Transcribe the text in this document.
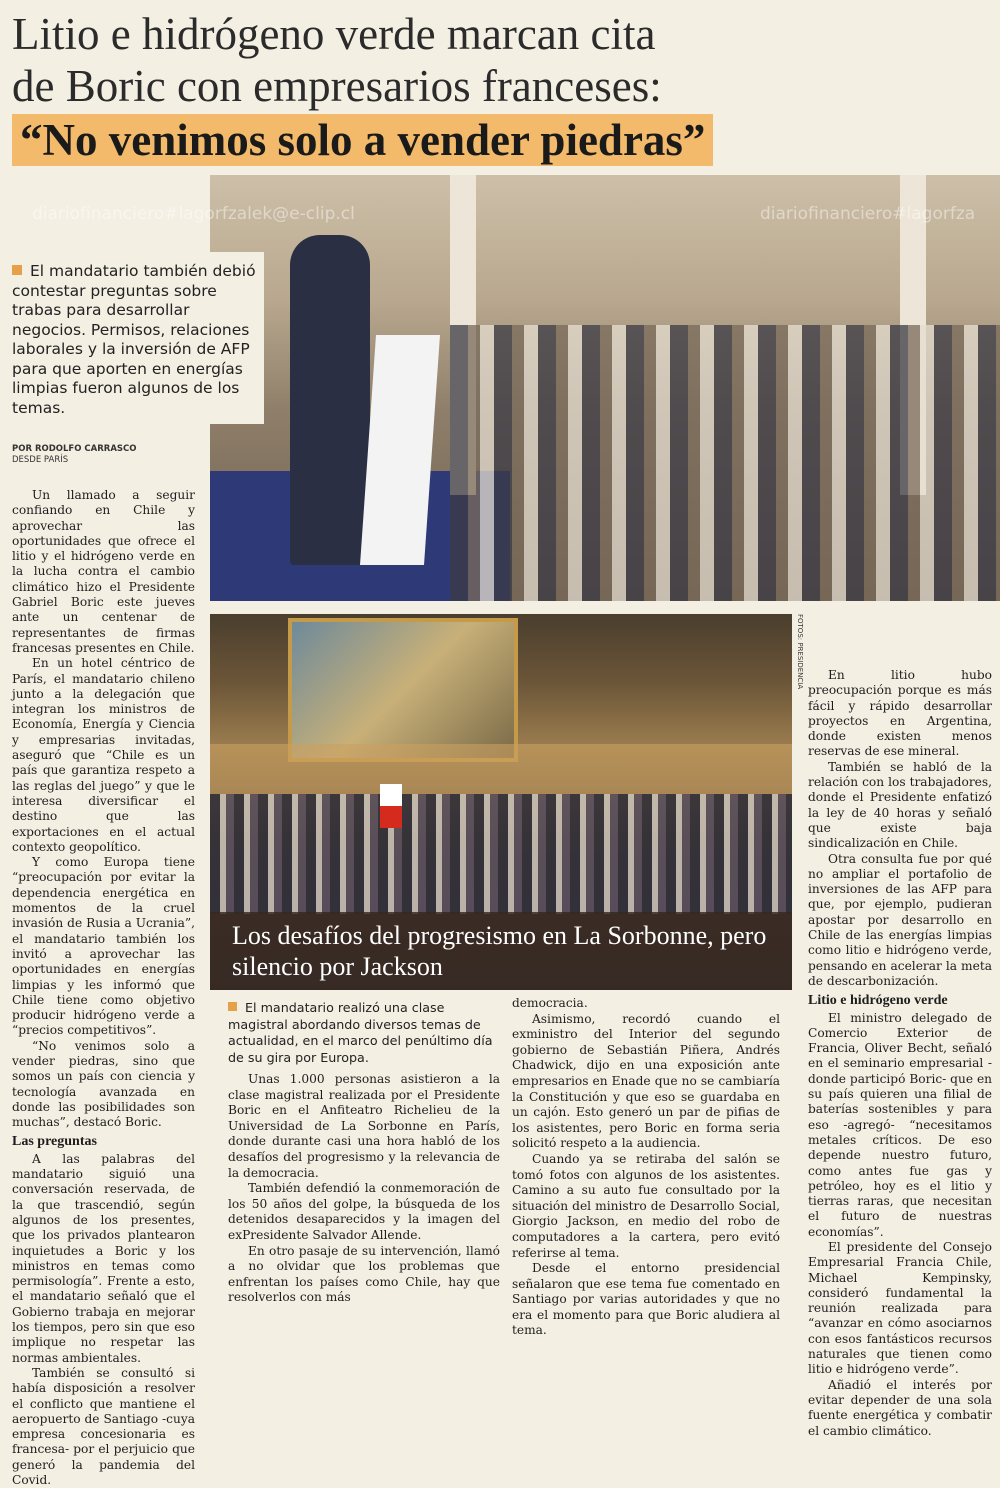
Litio e hidrógeno verde marcan cita
de Boric con empresarios franceses:
“No venimos solo a vender piedras”
diariofinanciero#lagorfzalek@e-clip.cl	diariofinanciero#lagorfza
El mandatario también debió contestar preguntas sobre trabas para desarrollar negocios. Permisos, relaciones laborales y la inversión de AFP para que aporten en energías limpias fueron algunos de los temas.
POR RODOLFO CARRASCO
DESDE PARÍS

Un llamado a seguir confiando en Chile y aprovechar las oportunidades que ofrece el litio y el hidrógeno verde en la lucha contra el cambio climático hizo el Presidente Gabriel Boric este jueves ante un centenar de representantes de firmas francesas presentes en Chile.

En un hotel céntrico de París, el mandatario chileno junto a la delegación que integran los ministros de Economía, Energía y Ciencia y empresarias invitadas, aseguró que “Chile es un país que garantiza respeto a las reglas del juego” y que le interesa diversificar el destino que las exportaciones en el actual contexto geopolítico.

Y como Europa tiene “preocupación por evitar la dependencia energética en momentos de la cruel invasión de Rusia a Ucrania”, el mandatario también los invitó a aprovechar las oportunidades en energías limpias y les informó que Chile tiene como objetivo producir hidrógeno verde a “precios competitivos”.

“No venimos solo a vender piedras, sino que somos un país con ciencia y tecnología avanzada en donde las posibilidades son muchas”, destacó Boric.

Las preguntas

A las palabras del mandatario siguió una conversación reservada, de la que trascendió, según algunos de los presentes, que los privados plantearon inquietudes a Boric y los ministros en temas como permisología”. Frente a esto, el mandatario señaló que el Gobierno trabaja en mejorar los tiempos, pero sin que eso implique no respetar las normas ambientales.

También se consultó si había disposición a resolver el conflicto que mantiene el aeropuerto de Santiago -cuya empresa concesionaria es francesa- por el perjuicio que generó la pandemia del Covid.

Los desafíos del progresismo en La Sorbonne, pero silencio por Jackson
FOTOS: PRESIDENCIA
El mandatario realizó una clase magistral abordando diversos temas de actualidad, en el marco del penúltimo día de su gira por Europa.

Unas 1.000 personas asistieron a la clase magistral realizada por el Presidente Boric en el Anfiteatro Richelieu de la Universidad de La Sorbonne en París, donde durante casi una hora habló de los desafíos del progresismo y la relevancia de la democracia.

También defendió la conmemoración de los 50 años del golpe, la búsqueda de los detenidos desaparecidos y la imagen del exPresidente Salvador Allende.

En otro pasaje de su intervención, llamó a no olvidar que los problemas que enfrentan los países como Chile, hay que resolverlos con más

democracia.

Asimismo, recordó cuando el exministro del Interior del segundo gobierno de Sebastián Piñera, Andrés Chadwick, dijo en una exposición ante empresarios en Enade que no se cambiaría la Constitución y que eso se guardaba en un cajón. Esto generó un par de pifias de los asistentes, pero Boric en forma seria solicitó respeto a la audiencia.

Cuando ya se retiraba del salón se tomó fotos con algunos de los asistentes. Camino a su auto fue consultado por la situación del ministro de Desarrollo Social, Giorgio Jackson, en medio del robo de computadores a la cartera, pero evitó referirse al tema.

Desde el entorno presidencial señalaron que ese tema fue comentado en Santiago por varias autoridades y que no era el momento para que Boric aludiera al tema.

En litio hubo preocupación porque es más fácil y rápido desarrollar proyectos en Argentina, donde existen menos reservas de ese mineral.

También se habló de la relación con los trabajadores, donde el Presidente enfatizó la ley de 40 horas y señaló que existe baja sindicalización en Chile.

Otra consulta fue por qué no ampliar el portafolio de inversiones de las AFP para que, por ejemplo, pudieran apostar por desarrollo en Chile de las energías limpias como litio e hidrógeno verde, pensando en acelerar la meta de descarbonización.

Litio e hidrógeno verde

El ministro delegado de Comercio Exterior de Francia, Oliver Becht, señaló en el seminario empresarial -donde participó Boric- que en su país quieren una filial de baterías sostenibles y para eso -agregó- “necesitamos metales críticos. De eso depende nuestro futuro, como antes fue gas y petróleo, hoy es el litio y tierras raras, que necesitan el futuro de nuestras economías”.

El presidente del Consejo Empresarial Francia Chile, Michael Kempinsky, consideró fundamental la reunión realizada para “avanzar en cómo asociarnos con esos fantásticos recursos naturales que tienen como litio e hidrógeno verde”.

Añadió el interés por evitar depender de una sola fuente energética y combatir el cambio climático.
